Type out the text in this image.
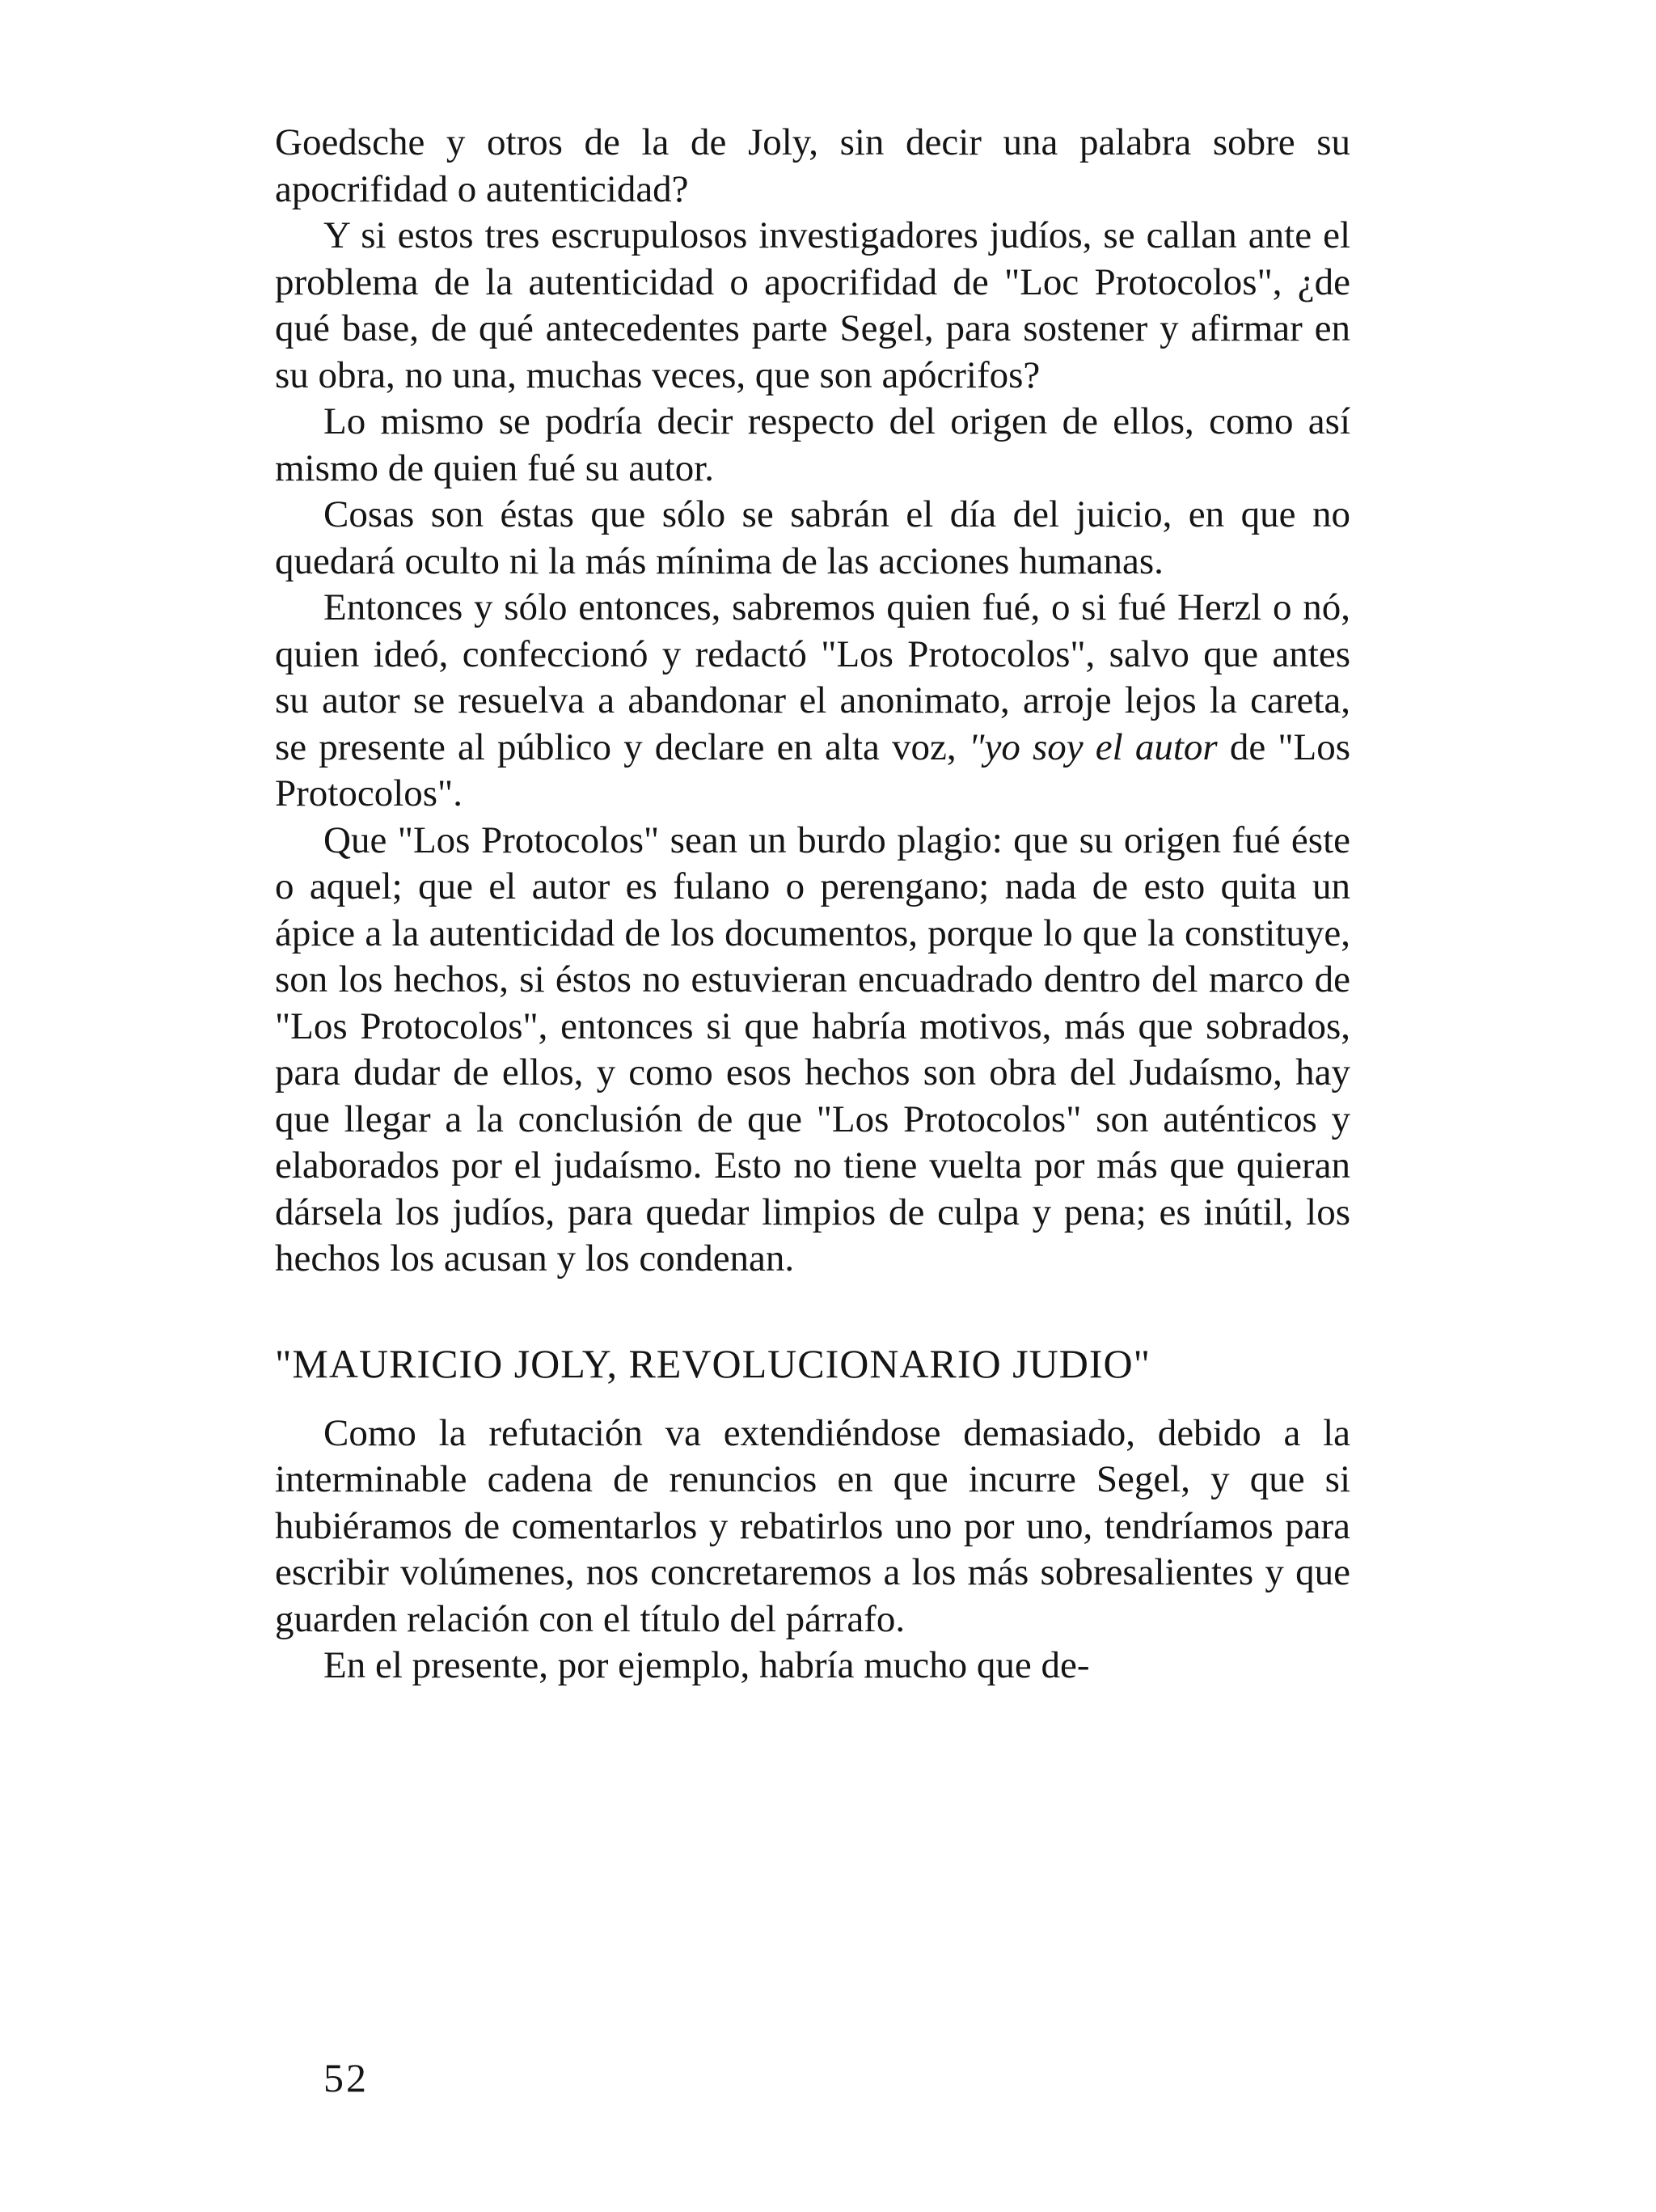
Goedsche y otros de la de Joly, sin decir una palabra sobre su apocrifidad o autenticidad?

Y si estos tres escrupulosos investigadores judíos, se callan ante el problema de la autenticidad o apocrifidad de "Loc Protocolos", ¿de qué base, de qué antecedentes parte Segel, para sostener y afirmar en su obra, no una, muchas veces, que son apócrifos?

Lo mismo se podría decir respecto del origen de ellos, como así mismo de quien fué su autor.

Cosas son éstas que sólo se sabrán el día del juicio, en que no quedará oculto ni la más mínima de las acciones humanas.

Entonces y sólo entonces, sabremos quien fué, o si fué Herzl o nó, quien ideó, confeccionó y redactó "Los Protocolos", salvo que antes su autor se resuelva a abandonar el anonimato, arroje lejos la careta, se presente al público y declare en alta voz, "yo soy el autor de "Los Protocolos".

Que "Los Protocolos" sean un burdo plagio: que su origen fué éste o aquel; que el autor es fulano o perengano; nada de esto quita un ápice a la autenticidad de los documentos, porque lo que la constituye, son los hechos, si éstos no estuvieran encuadrado dentro del marco de "Los Protocolos", entonces si que habría motivos, más que sobrados, para dudar de ellos, y como esos hechos son obra del Judaísmo, hay que llegar a la conclusión de que "Los Protocolos" son auténticos y elaborados por el judaísmo. Esto no tiene vuelta por más que quieran dársela los judíos, para quedar limpios de culpa y pena; es inútil, los hechos los acusan y los condenan.

"MAURICIO JOLY, REVOLUCIONARIO JUDIO"

Como la refutación va extendiéndose demasiado, debido a la interminable cadena de renuncios en que incurre Segel, y que si hubiéramos de comentarlos y rebatirlos uno por uno, tendríamos para escribir volúmenes, nos concretaremos a los más sobresalientes y que guarden relación con el título del párrafo.

En el presente, por ejemplo, habría mucho que de-

52
